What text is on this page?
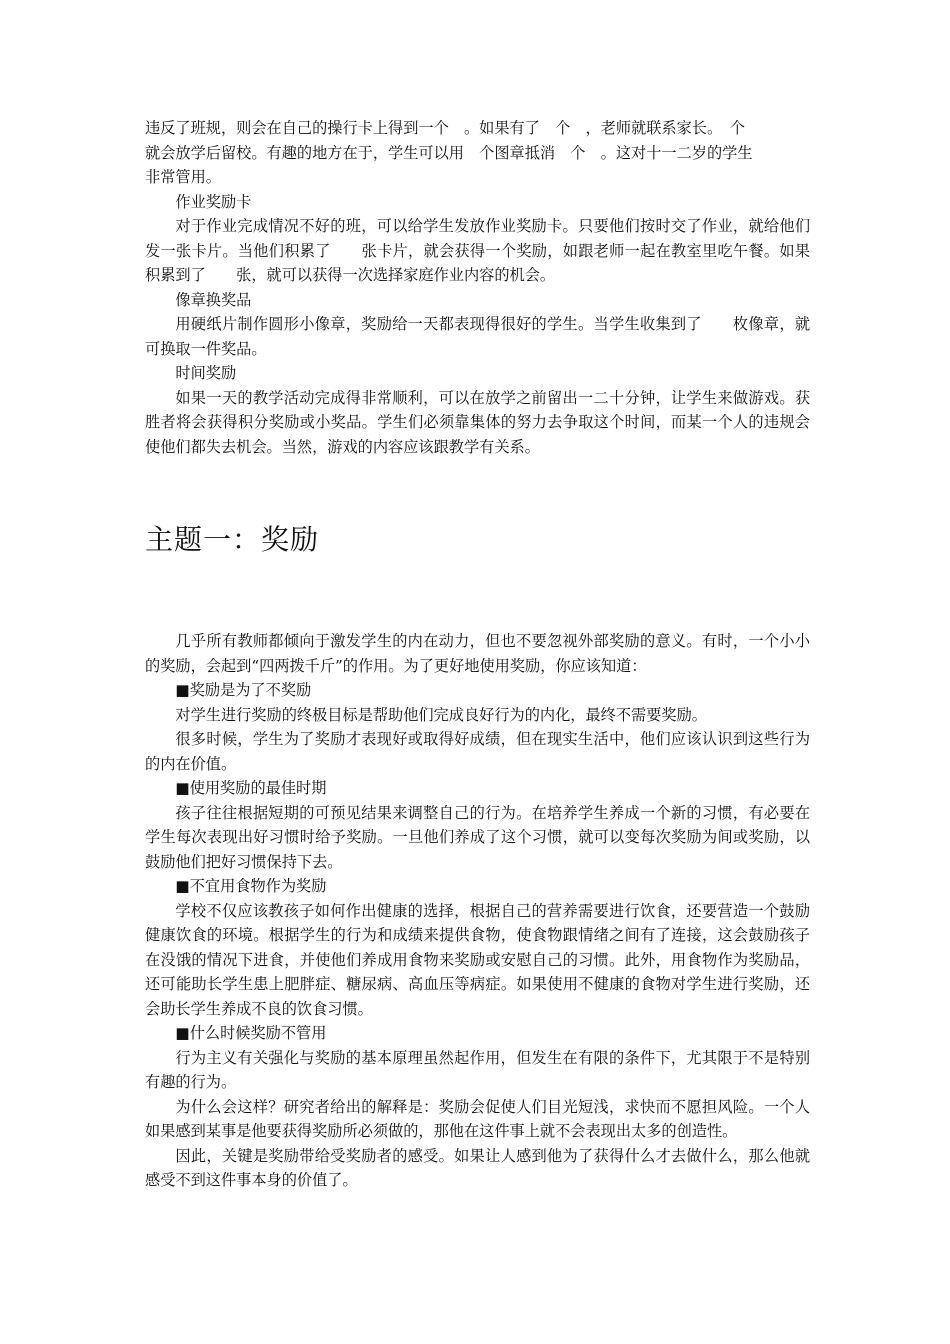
违反了班规，则会在自己的操行卡上得到一个　。如果有了　个　，老师就联系家长。　个
就会放学后留校。有趣的地方在于，学生可以用　个图章抵消　个　。这对十一二岁的学生
非常管用。

作业奖励卡

对于作业完成情况不好的班，可以给学生发放作业奖励卡。只要他们按时交了作业，就给他们发一张卡片。当他们积累了　　张卡片，就会获得一个奖励，如跟老师一起在教室里吃午餐。如果积累到了　　张，就可以获得一次选择家庭作业内容的机会。

像章换奖品

用硬纸片制作圆形小像章，奖励给一天都表现得很好的学生。当学生收集到了　　枚像章，就可换取一件奖品。

时间奖励

如果一天的教学活动完成得非常顺利，可以在放学之前留出一二十分钟，让学生来做游戏。获胜者将会获得积分奖励或小奖品。学生们必须靠集体的努力去争取这个时间，而某一个人的违规会使他们都失去机会。当然，游戏的内容应该跟教学有关系。

主题一：奖励

几乎所有教师都倾向于激发学生的内在动力，但也不要忽视外部奖励的意义。有时，一个小小的奖励，会起到“四两拨千斤”的作用。为了更好地使用奖励，你应该知道：

■奖励是为了不奖励

对学生进行奖励的终极目标是帮助他们完成良好行为的内化，最终不需要奖励。

很多时候，学生为了奖励才表现好或取得好成绩，但在现实生活中，他们应该认识到这些行为的内在价值。

■使用奖励的最佳时期

孩子往往根据短期的可预见结果来调整自己的行为。在培养学生养成一个新的习惯，有必要在学生每次表现出好习惯时给予奖励。一旦他们养成了这个习惯，就可以变每次奖励为间或奖励，以鼓励他们把好习惯保持下去。

■不宜用食物作为奖励

学校不仅应该教孩子如何作出健康的选择，根据自己的营养需要进行饮食，还要营造一个鼓励健康饮食的环境。根据学生的行为和成绩来提供食物，使食物跟情绪之间有了连接，这会鼓励孩子在没饿的情况下进食，并使他们养成用食物来奖励或安慰自己的习惯。此外，用食物作为奖励品，还可能助长学生患上肥胖症、糖尿病、高血压等病症。如果使用不健康的食物对学生进行奖励，还会助长学生养成不良的饮食习惯。

■什么时候奖励不管用

行为主义有关强化与奖励的基本原理虽然起作用，但发生在有限的条件下，尤其限于不是特别有趣的行为。

为什么会这样？研究者给出的解释是：奖励会促使人们目光短浅，求快而不愿担风险。一个人如果感到某事是他要获得奖励所必须做的，那他在这件事上就不会表现出太多的创造性。

因此，关键是奖励带给受奖励者的感受。如果让人感到他为了获得什么才去做什么，那么他就感受不到这件事本身的价值了。
